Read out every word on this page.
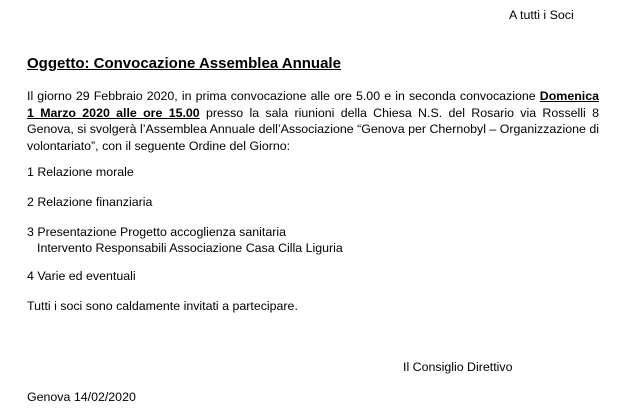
A tutti i Soci
Oggetto: Convocazione Assemblea Annuale
Il giorno 29 Febbraio 2020, in prima convocazione alle ore 5.00 e in seconda convocazione Domenica 1 Marzo 2020 alle ore 15.00 presso la sala riunioni della Chiesa N.S. del Rosario via Rosselli 8 Genova, si svolgerà l’Assemblea Annuale dell’Associazione “Genova per Chernobyl – Organizzazione di volontariato”, con il seguente Ordine del Giorno:
1 Relazione morale
2 Relazione finanziaria
3 Presentazione Progetto accoglienza sanitaria
Intervento Responsabili Associazione Casa Cilla Liguria
4 Varie ed eventuali
Tutti i soci sono caldamente invitati a partecipare.
Il Consiglio Direttivo
Genova 14/02/2020
